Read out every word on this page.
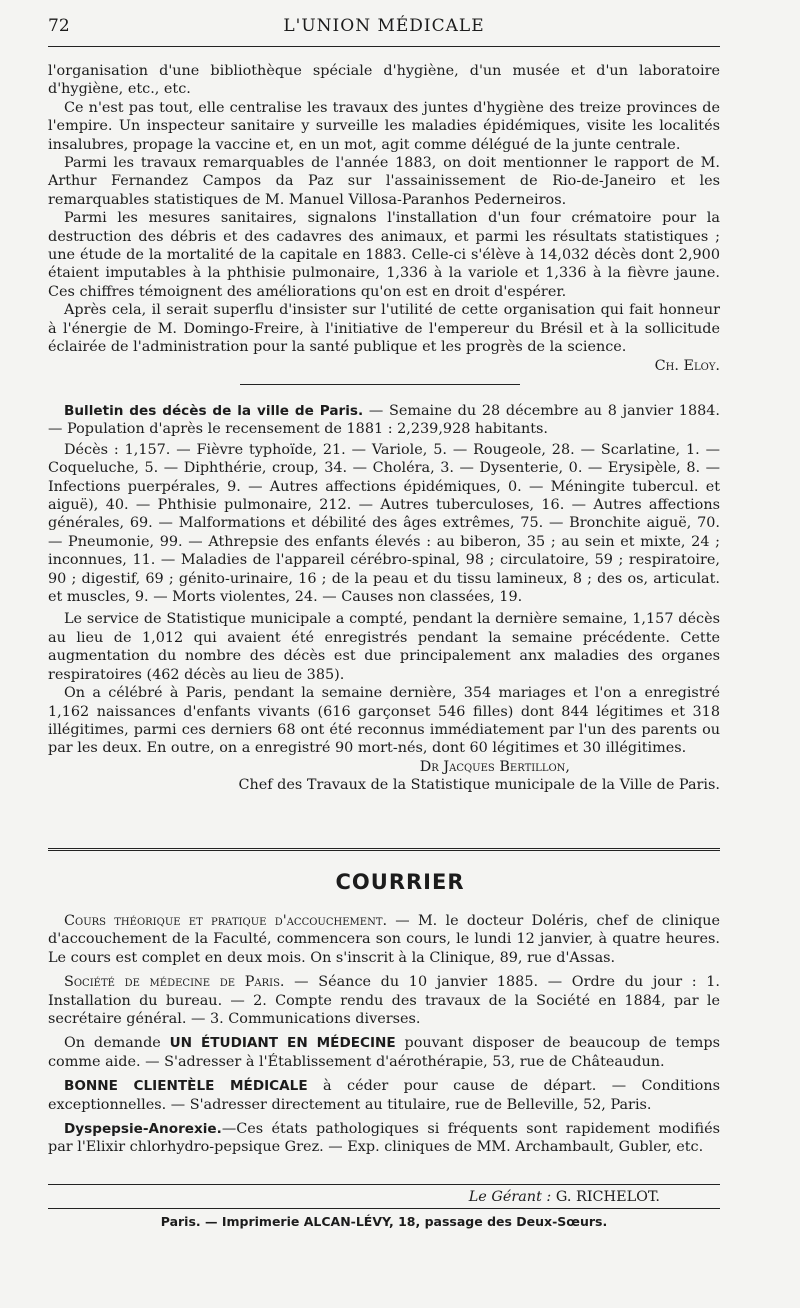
72	L'UNION MÉDICALE

l'organisation d'une bibliothèque spéciale d'hygiène, d'un musée et d'un laboratoire d'hygiène, etc., etc.

Ce n'est pas tout, elle centralise les travaux des juntes d'hygiène des treize provinces de l'empire. Un inspecteur sanitaire y surveille les maladies épidémiques, visite les localités insalubres, propage la vaccine et, en un mot, agit comme délégué de la junte centrale.

Parmi les travaux remarquables de l'année 1883, on doit mentionner le rapport de M. Arthur Fernandez Campos da Paz sur l'assainissement de Rio-de-Janeiro et les remarquables statistiques de M. Manuel Villosa-Paranhos Pederneiros.

Parmi les mesures sanitaires, signalons l'installation d'un four crématoire pour la destruction des débris et des cadavres des animaux, et parmi les résultats statistiques ; une étude de la mortalité de la capitale en 1883. Celle-ci s'élève à 14,032 décès dont 2,900 étaient imputables à la phthisie pulmonaire, 1,336 à la variole et 1,336 à la fièvre jaune. Ces chiffres témoignent des améliorations qu'on est en droit d'espérer.

Après cela, il serait superflu d'insister sur l'utilité de cette organisation qui fait honneur à l'énergie de M. Domingo-Freire, à l'initiative de l'empereur du Brésil et à la sollicitude éclairée de l'administration pour la santé publique et les progrès de la science.

Ch. Eloy.

Bulletin des décès de la ville de Paris. — Semaine du 28 décembre au 8 janvier 1884. — Population d'après le recensement de 1881 : 2,239,928 habitants.

Décès : 1,157. — Fièvre typhoïde, 21. — Variole, 5. — Rougeole, 28. — Scarlatine, 1. — Coqueluche, 5. — Diphthérie, croup, 34. — Choléra, 3. — Dysenterie, 0. — Erysipèle, 8. — Infections puerpérales, 9. — Autres affections épidémiques, 0. — Méningite tubercul. et aiguë), 40. — Phthisie pulmonaire, 212. — Autres tuberculoses, 16. — Autres affections générales, 69. — Malformations et débilité des âges extrêmes, 75. — Bronchite aiguë, 70. — Pneumonie, 99. — Athrepsie des enfants élevés : au biberon, 35 ; au sein et mixte, 24 ; inconnues, 11. — Maladies de l'appareil cérébro-spinal, 98 ; circulatoire, 59 ; respiratoire, 90 ; digestif, 69 ; génito-urinaire, 16 ; de la peau et du tissu lamineux, 8 ; des os, articulat. et muscles, 9. — Morts violentes, 24. — Causes non classées, 19.

Le service de Statistique municipale a compté, pendant la dernière semaine, 1,157 décès au lieu de 1,012 qui avaient été enregistrés pendant la semaine précédente. Cette augmentation du nombre des décès est due principalement anx maladies des organes respiratoires (462 décès au lieu de 385).

On a célébré à Paris, pendant la semaine dernière, 354 mariages et l'on a enregistré 1,162 naissances d'enfants vivants (616 garçonset 546 filles) dont 844 légitimes et 318 illégitimes, parmi ces derniers 68 ont été reconnus immédiatement par l'un des parents ou par les deux. En outre, on a enregistré 90 mort-nés, dont 60 légitimes et 30 illégitimes.

Dr Jacques Bertillon,

Chef des Travaux de la Statistique municipale de la Ville de Paris.

COURRIER

Cours théorique et pratique d'accouchement. — M. le docteur Doléris, chef de clinique d'accouchement de la Faculté, commencera son cours, le lundi 12 janvier, à quatre heures. Le cours est complet en deux mois. On s'inscrit à la Clinique, 89, rue d'Assas.

Société de médecine de Paris. — Séance du 10 janvier 1885. — Ordre du jour : 1. Installation du bureau. — 2. Compte rendu des travaux de la Société en 1884, par le secrétaire général. — 3. Communications diverses.

On demande UN ÉTUDIANT EN MÉDECINE pouvant disposer de beaucoup de temps comme aide. — S'adresser à l'Établissement d'aérothérapie, 53, rue de Châteaudun.

BONNE CLIENTÈLE MÉDICALE à céder pour cause de départ. — Conditions exceptionnelles. — S'adresser directement au titulaire, rue de Belleville, 52, Paris.

Dyspepsie-Anorexie.—Ces états pathologiques si fréquents sont rapidement modifiés par l'Elixir chlorhydro-pepsique Grez. — Exp. cliniques de MM. Archambault, Gubler, etc.

Le Gérant : G. RICHELOT.

Paris. — Imprimerie ALCAN-LÉVY, 18, passage des Deux-Sœurs.
